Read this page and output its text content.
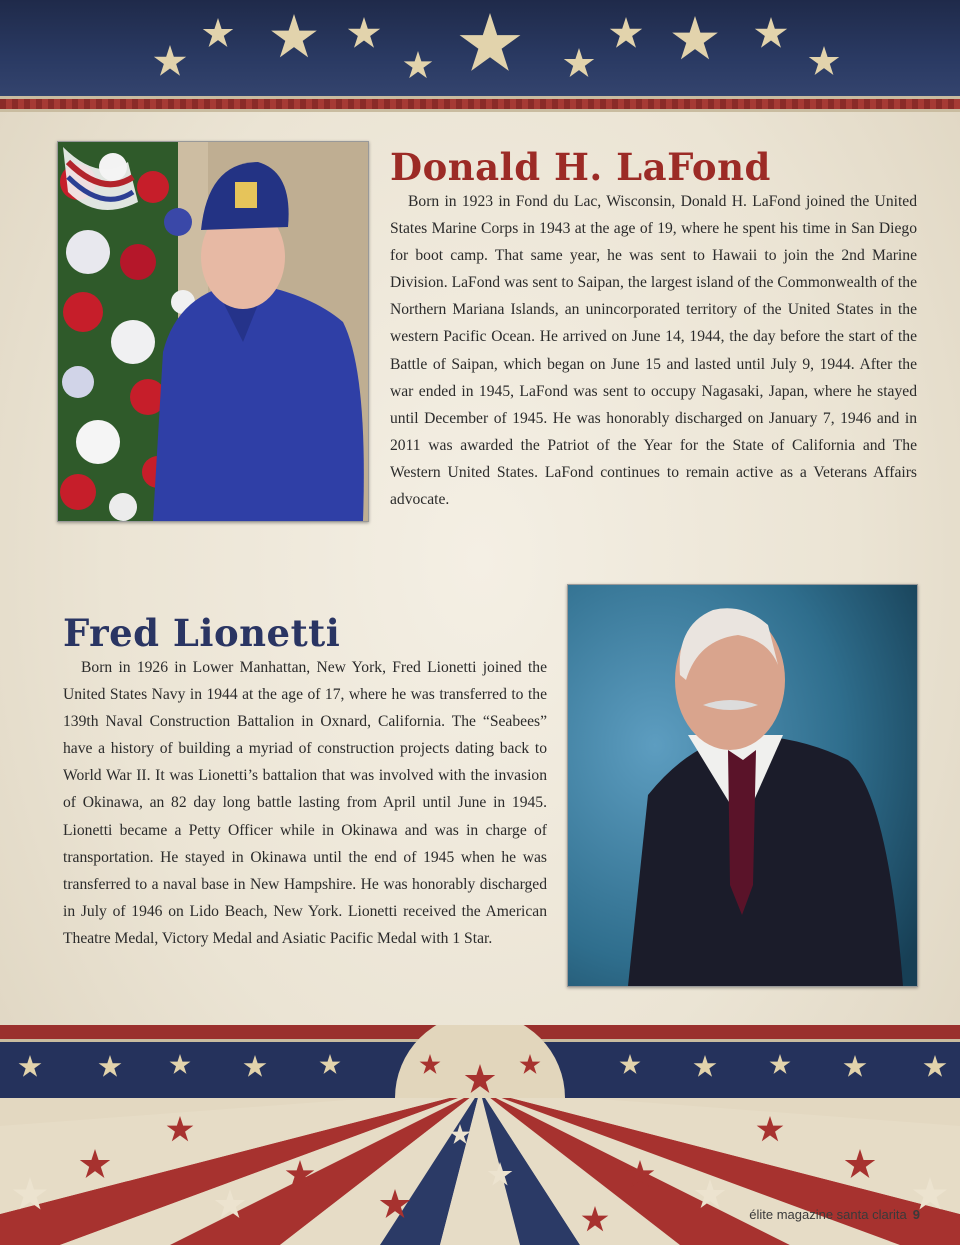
Donald H. LaFond

Born in 1923 in Fond du Lac, Wisconsin, Donald H. LaFond joined the United States Marine Corps in 1943 at the age of 19, where he spent his time in San Diego for boot camp. That same year, he was sent to Hawaii to join the 2nd Marine Division. LaFond was sent to Saipan, the largest island of the Commonwealth of the Northern Mariana Islands, an unincorporated territory of the United States in the western Pacific Ocean. He arrived on June 14, 1944, the day before the start of the Battle of Saipan, which began on June 15 and lasted until July 9, 1944. After the war ended in 1945, LaFond was sent to occupy Nagasaki, Japan, where he stayed until December of 1945. He was honorably discharged on January 7, 1946 and in 2011 was awarded the Patriot of the Year for the State of California and The Western United States. LaFond continues to remain active as a Veterans Affairs advocate.

Fred Lionetti

Born in 1926 in Lower Manhattan, New York, Fred Lionetti joined the United States Navy in 1944 at the age of 17, where he was transferred to the 139th Naval Construction Battalion in Oxnard, California. The “Seabees” have a history of building a myriad of construction projects dating back to World War II. It was Lionetti’s battalion that was involved with the invasion of Okinawa, an 82 day long battle lasting from April until June in 1945. Lionetti became a Petty Officer while in Okinawa and was in charge of transportation. He stayed in Okinawa until the end of 1945 when he was transferred to a naval base in New Hampshire. He was honorably discharged in July of 1946 on Lido Beach, New York. Lionetti received the American Theatre Medal, Victory Medal and Asiatic Pacific Medal with 1 Star.

élite magazine santa clarita 9
